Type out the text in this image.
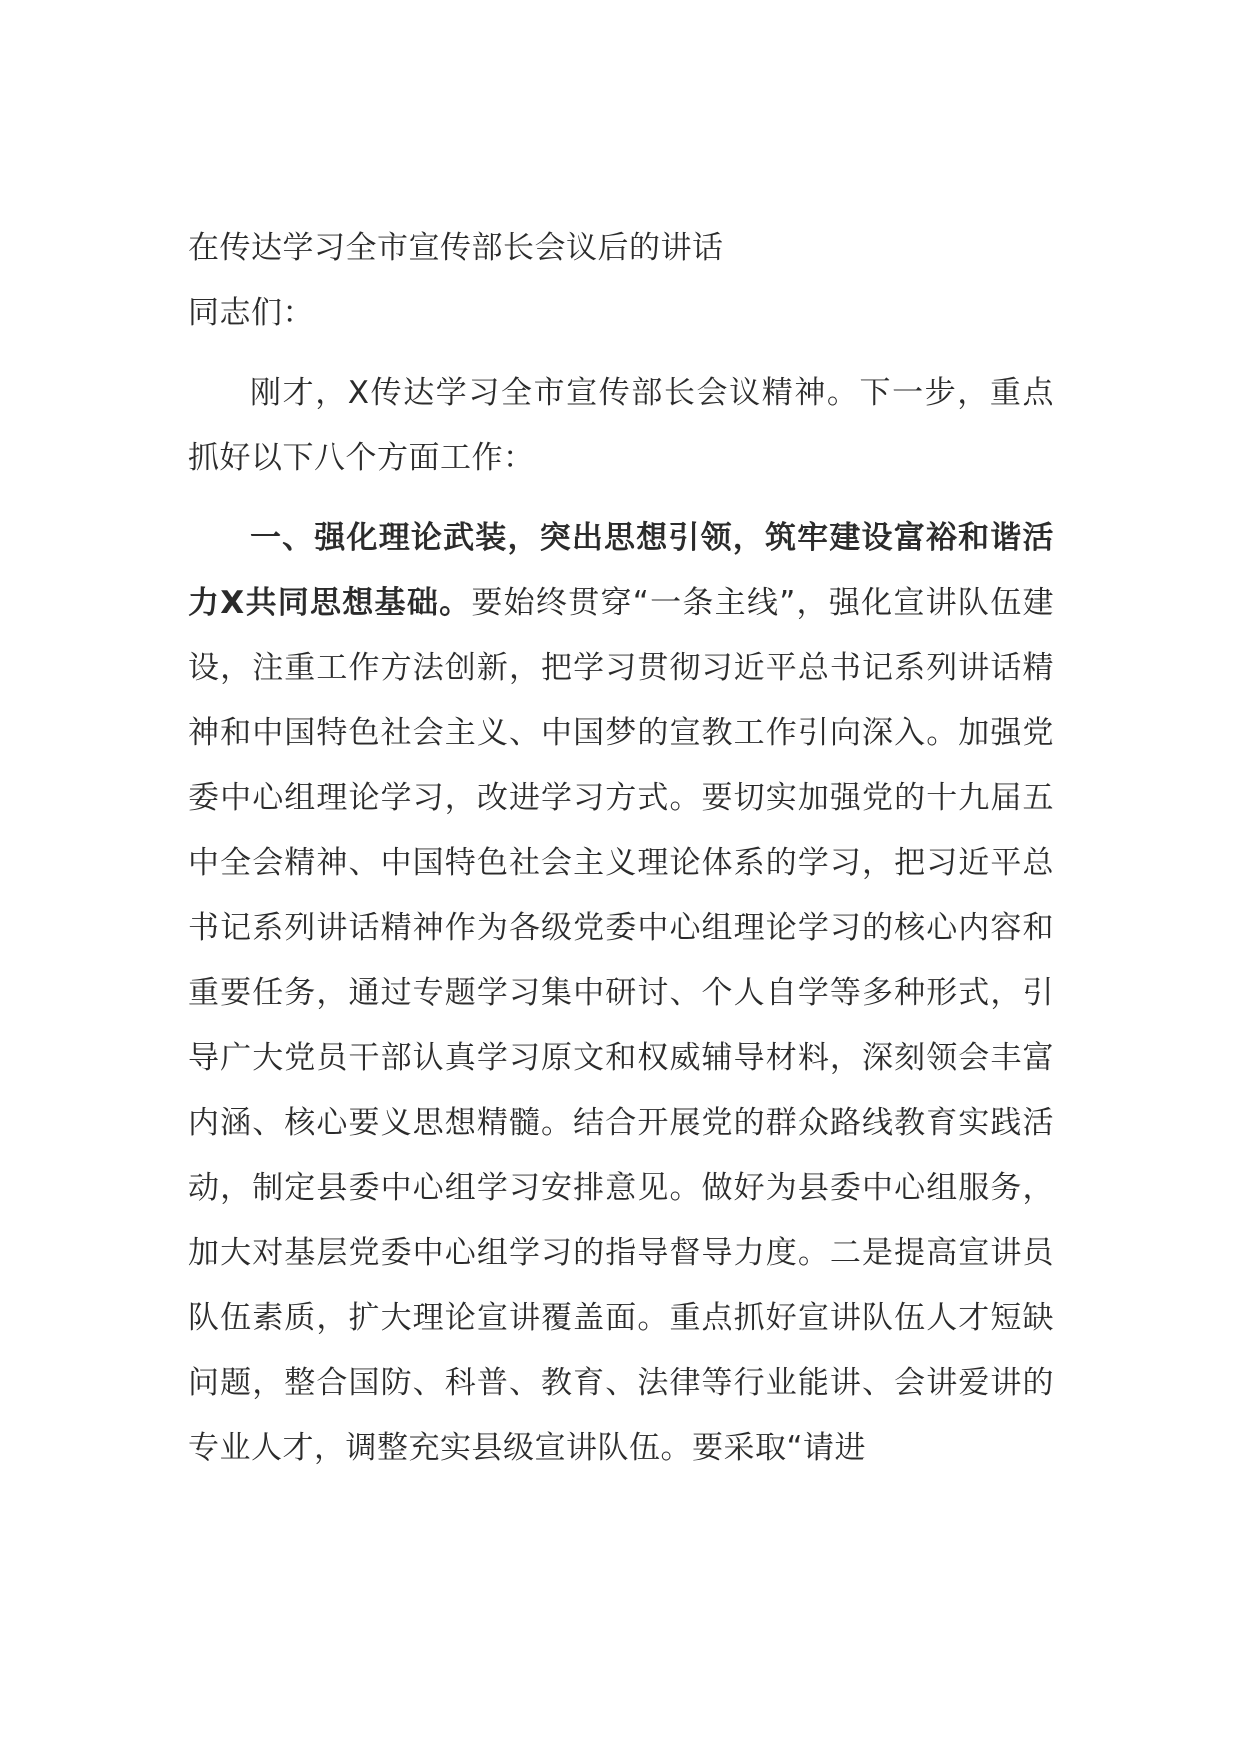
在传达学习全市宣传部长会议后的讲话

同志们：

刚才，X传达学习全市宣传部长会议精神。下一步，重点抓好以下八个方面工作：

一、强化理论武装，突出思想引领，筑牢建设富裕和谐活力X共同思想基础。要始终贯穿“一条主线”，强化宣讲队伍建设，注重工作方法创新，把学习贯彻习近平总书记系列讲话精神和中国特色社会主义、中国梦的宣教工作引向深入。加强党委中心组理论学习，改进学习方式。要切实加强党的十九届五中全会精神、中国特色社会主义理论体系的学习，把习近平总书记系列讲话精神作为各级党委中心组理论学习的核心内容和重要任务，通过专题学习集中研讨、个人自学等多种形式，引导广大党员干部认真学习原文和权威辅导材料，深刻领会丰富内涵、核心要义思想精髓。结合开展党的群众路线教育实践活动，制定县委中心组学习安排意见。做好为县委中心组服务，加大对基层党委中心组学习的指导督导力度。二是提高宣讲员队伍素质，扩大理论宣讲覆盖面。重点抓好宣讲队伍人才短缺问题，整合国防、科普、教育、法律等行业能讲、会讲爱讲的专业人才，调整充实县级宣讲队伍。要采取“请进
